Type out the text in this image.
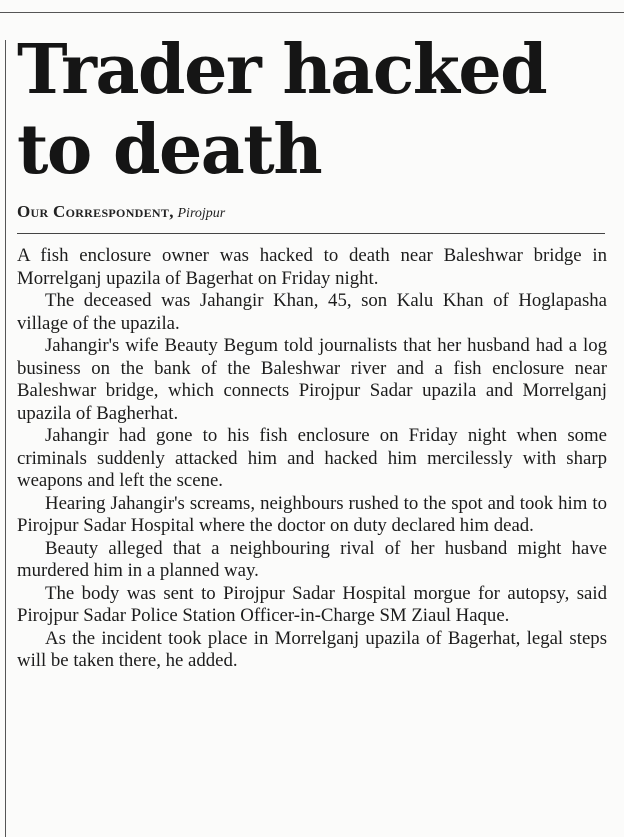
Trader hacked
to death
Our Correspondent, Pirojpur

A fish enclosure owner was hacked to death near Baleshwar bridge in Morrelganj upazila of Bagerhat on Friday night.

The deceased was Jahangir Khan, 45, son Kalu Khan of Hoglapasha village of the upazila.

Jahangir's wife Beauty Begum told journalists that her husband had a log business on the bank of the Baleshwar river and a fish enclosure near Baleshwar bridge, which connects Pirojpur Sadar upazila and Morrelganj upazila of Bagherhat.

Jahangir had gone to his fish enclosure on Friday night when some criminals suddenly attacked him and hacked him mercilessly with sharp weapons and left the scene.

Hearing Jahangir's screams, neighbours rushed to the spot and took him to Pirojpur Sadar Hospital where the doctor on duty declared him dead.

Beauty alleged that a neighbouring rival of her husband might have murdered him in a planned way.

The body was sent to Pirojpur Sadar Hospital morgue for autopsy, said Pirojpur Sadar Police Station Officer-in-Charge SM Ziaul Haque.

As the incident took place in Morrelganj upazila of Bagerhat, legal steps will be taken there, he added.
